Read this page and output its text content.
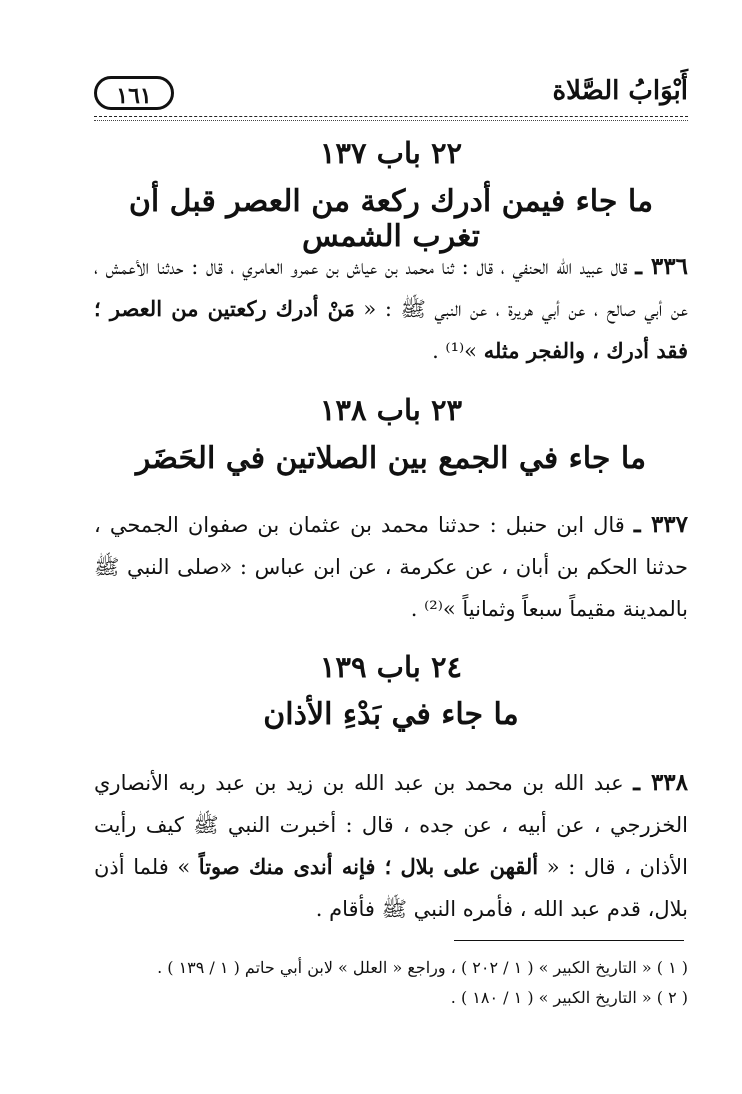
١٦١	أَبْوَابُ الصَّلاة
٢٢ باب ١٣٧
ما جاء فيمن أدرك ركعة من العصر قبل أن تغرب الشمس
٣٣٦ ـ قال عبيد الله الحنفي ، قال : ثنا محمد بن عياش بن عمرو العامري ، قال : حدثنا الأعمش ، عن أبي صالح ، عن أبي هريرة ، عن النبي ﷺ : « مَنْ أدرك ركعتين من العصر ؛ فقد أدرك ، والفجر مثله »⁽¹⁾ .
٢٣ باب ١٣٨
ما جاء في الجمع بين الصلاتين في الحَضَر
٣٣٧ ـ قال ابن حنبل : حدثنا محمد بن عثمان بن صفوان الجمحي ، حدثنا الحكم بن أبان ، عن عكرمة ، عن ابن عباس : «صلى النبي ﷺ بالمدينة مقيماً سبعاً وثمانياً »⁽²⁾ .
٢٤ باب ١٣٩
ما جاء في بَدْءِ الأذان
٣٣٨ ـ عبد الله بن محمد بن عبد الله بن زيد بن عبد ربه الأنصاري الخزرجي ، عن أبيه ، عن جده ، قال : أخبرت النبي ﷺ كيف رأيت الأذان ، قال : « ألقهن على بلال ؛ فإنه أندى منك صوتاً » فلما أذن بلال، قدم عبد الله ، فأمره النبي ﷺ فأقام .
( ١ ) « التاريخ الكبير » ( ١ / ٢٠٢ ) ، وراجع « العلل » لابن أبي حاتم ( ١ / ١٣٩ ) .
( ٢ ) « التاريخ الكبير » ( ١ / ١٨٠ ) .
